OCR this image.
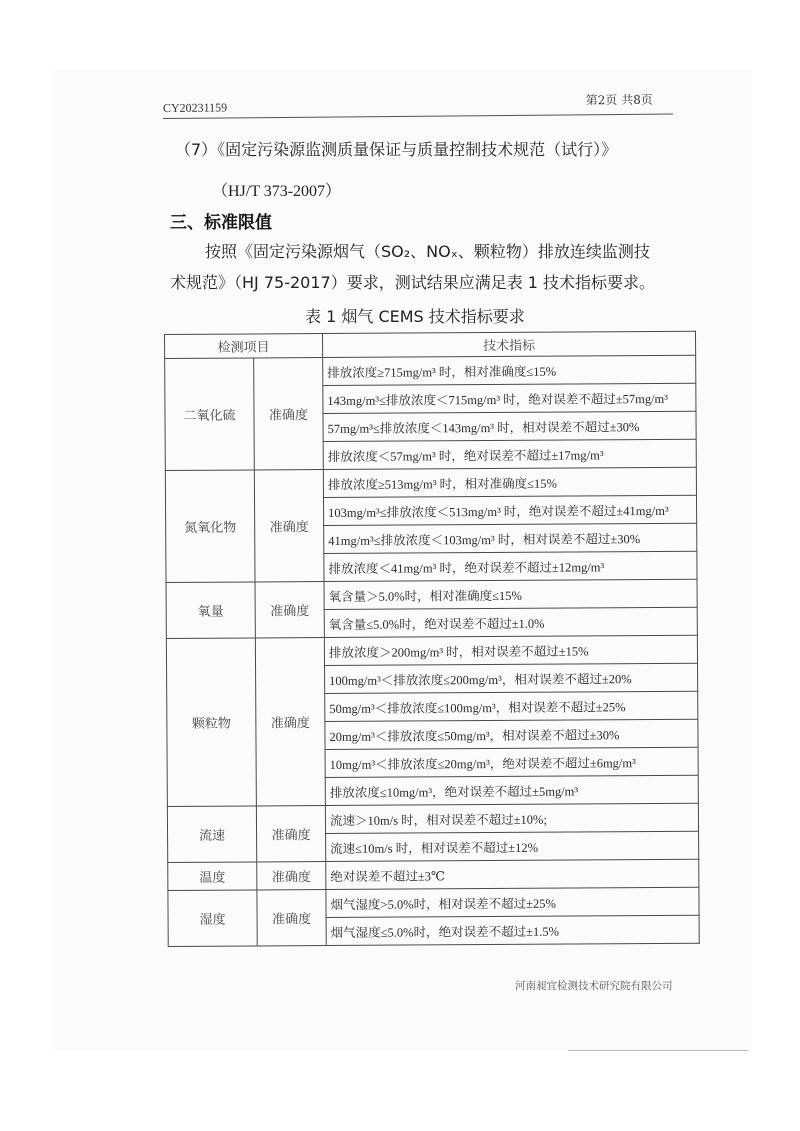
CY20231159
第2页 共8页
（7）《固定污染源监测质量保证与质量控制技术规范（试行）》
（HJ/T 373-2007）
三、标准限值
按照《固定污染源烟气（SO₂、NOₓ、颗粒物）排放连续监测技
术规范》（HJ 75-2017）要求，测试结果应满足表 1 技术指标要求。
表 1 烟气 CEMS 技术指标要求
检测项目		技术指标
二氧化硫	准确度	排放浓度≥715mg/m³ 时，相对准确度≤15%
		143mg/m³≤排放浓度＜715mg/m³ 时，绝对误差不超过±57mg/m³
		57mg/m³≤排放浓度＜143mg/m³ 时，相对误差不超过±30%
		排放浓度＜57mg/m³ 时，绝对误差不超过±17mg/m³
氮氧化物	准确度	排放浓度≥513mg/m³ 时，相对准确度≤15%
		103mg/m³≤排放浓度＜513mg/m³ 时，绝对误差不超过±41mg/m³
		41mg/m³≤排放浓度＜103mg/m³ 时，相对误差不超过±30%
		排放浓度＜41mg/m³ 时，绝对误差不超过±12mg/m³
氧量	准确度	氧含量＞5.0%时，相对准确度≤15%
		氧含量≤5.0%时，绝对误差不超过±1.0%
颗粒物	准确度	排放浓度＞200mg/m³ 时，相对误差不超过±15%
		100mg/m³＜排放浓度≤200mg/m³，相对误差不超过±20%
		50mg/m³＜排放浓度≤100mg/m³，相对误差不超过±25%
		20mg/m³＜排放浓度≤50mg/m³，相对误差不超过±30%
		10mg/m³＜排放浓度≤20mg/m³，绝对误差不超过±6mg/m³
		排放浓度≤10mg/m³，绝对误差不超过±5mg/m³
流速	准确度	流速＞10m/s 时，相对误差不超过±10%;
		流速≤10m/s 时，相对误差不超过±12%
温度	准确度	绝对误差不超过±3℃
湿度	准确度	烟气湿度>5.0%时，相对误差不超过±25%
		烟气湿度≤5.0%时，绝对误差不超过±1.5%
河南昶宜检测技术研究院有限公司
